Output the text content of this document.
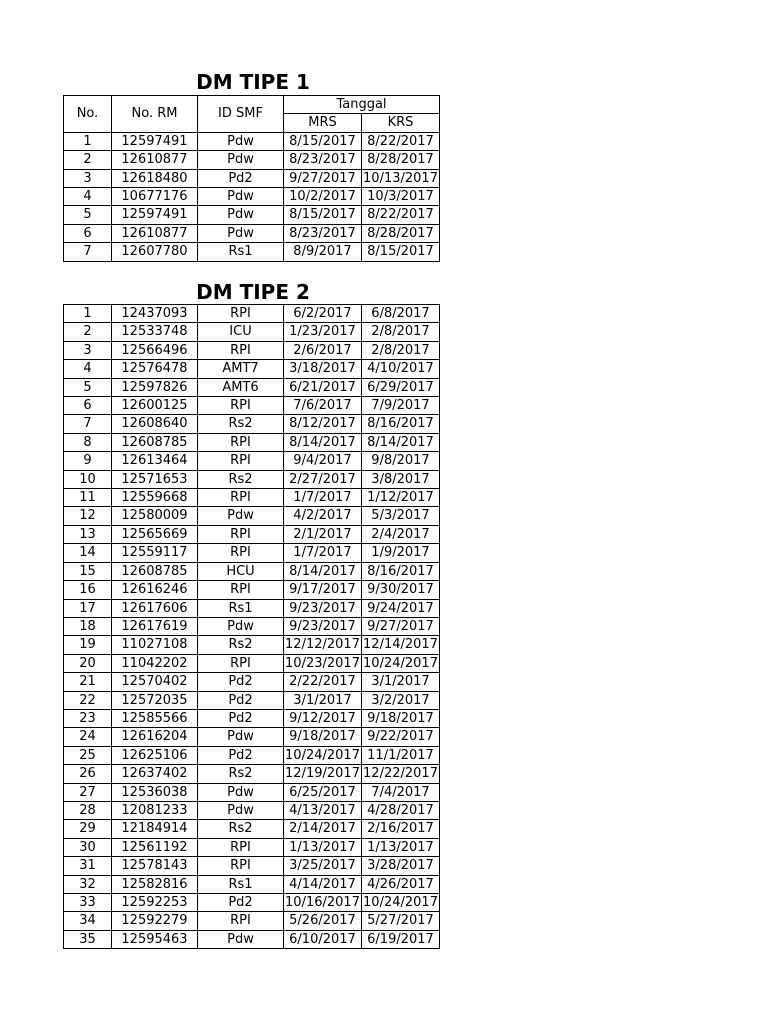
DM TIPE 1
No.	No. RM	ID SMF	Tanggal	
			MRS	KRS
1	12597491	Pdw	8/15/2017	8/22/2017
2	12610877	Pdw	8/23/2017	8/28/2017
3	12618480	Pd2	9/27/2017	10/13/2017
4	10677176	Pdw	10/2/2017	10/3/2017
5	12597491	Pdw	8/15/2017	8/22/2017
6	12610877	Pdw	8/23/2017	8/28/2017
7	12607780	Rs1	8/9/2017	8/15/2017
DM TIPE 2
1	12437093	RPI	6/2/2017	6/8/2017
2	12533748	ICU	1/23/2017	2/8/2017
3	12566496	RPI	2/6/2017	2/8/2017
4	12576478	AMT7	3/18/2017	4/10/2017
5	12597826	AMT6	6/21/2017	6/29/2017
6	12600125	RPI	7/6/2017	7/9/2017
7	12608640	Rs2	8/12/2017	8/16/2017
8	12608785	RPI	8/14/2017	8/14/2017
9	12613464	RPI	9/4/2017	9/8/2017
10	12571653	Rs2	2/27/2017	3/8/2017
11	12559668	RPI	1/7/2017	1/12/2017
12	12580009	Pdw	4/2/2017	5/3/2017
13	12565669	RPI	2/1/2017	2/4/2017
14	12559117	RPI	1/7/2017	1/9/2017
15	12608785	HCU	8/14/2017	8/16/2017
16	12616246	RPI	9/17/2017	9/30/2017
17	12617606	Rs1	9/23/2017	9/24/2017
18	12617619	Pdw	9/23/2017	9/27/2017
19	11027108	Rs2	12/12/2017	12/14/2017
20	11042202	RPI	10/23/2017	10/24/2017
21	12570402	Pd2	2/22/2017	3/1/2017
22	12572035	Pd2	3/1/2017	3/2/2017
23	12585566	Pd2	9/12/2017	9/18/2017
24	12616204	Pdw	9/18/2017	9/22/2017
25	12625106	Pd2	10/24/2017	11/1/2017
26	12637402	Rs2	12/19/2017	12/22/2017
27	12536038	Pdw	6/25/2017	7/4/2017
28	12081233	Pdw	4/13/2017	4/28/2017
29	12184914	Rs2	2/14/2017	2/16/2017
30	12561192	RPI	1/13/2017	1/13/2017
31	12578143	RPI	3/25/2017	3/28/2017
32	12582816	Rs1	4/14/2017	4/26/2017
33	12592253	Pd2	10/16/2017	10/24/2017
34	12592279	RPI	5/26/2017	5/27/2017
35	12595463	Pdw	6/10/2017	6/19/2017
